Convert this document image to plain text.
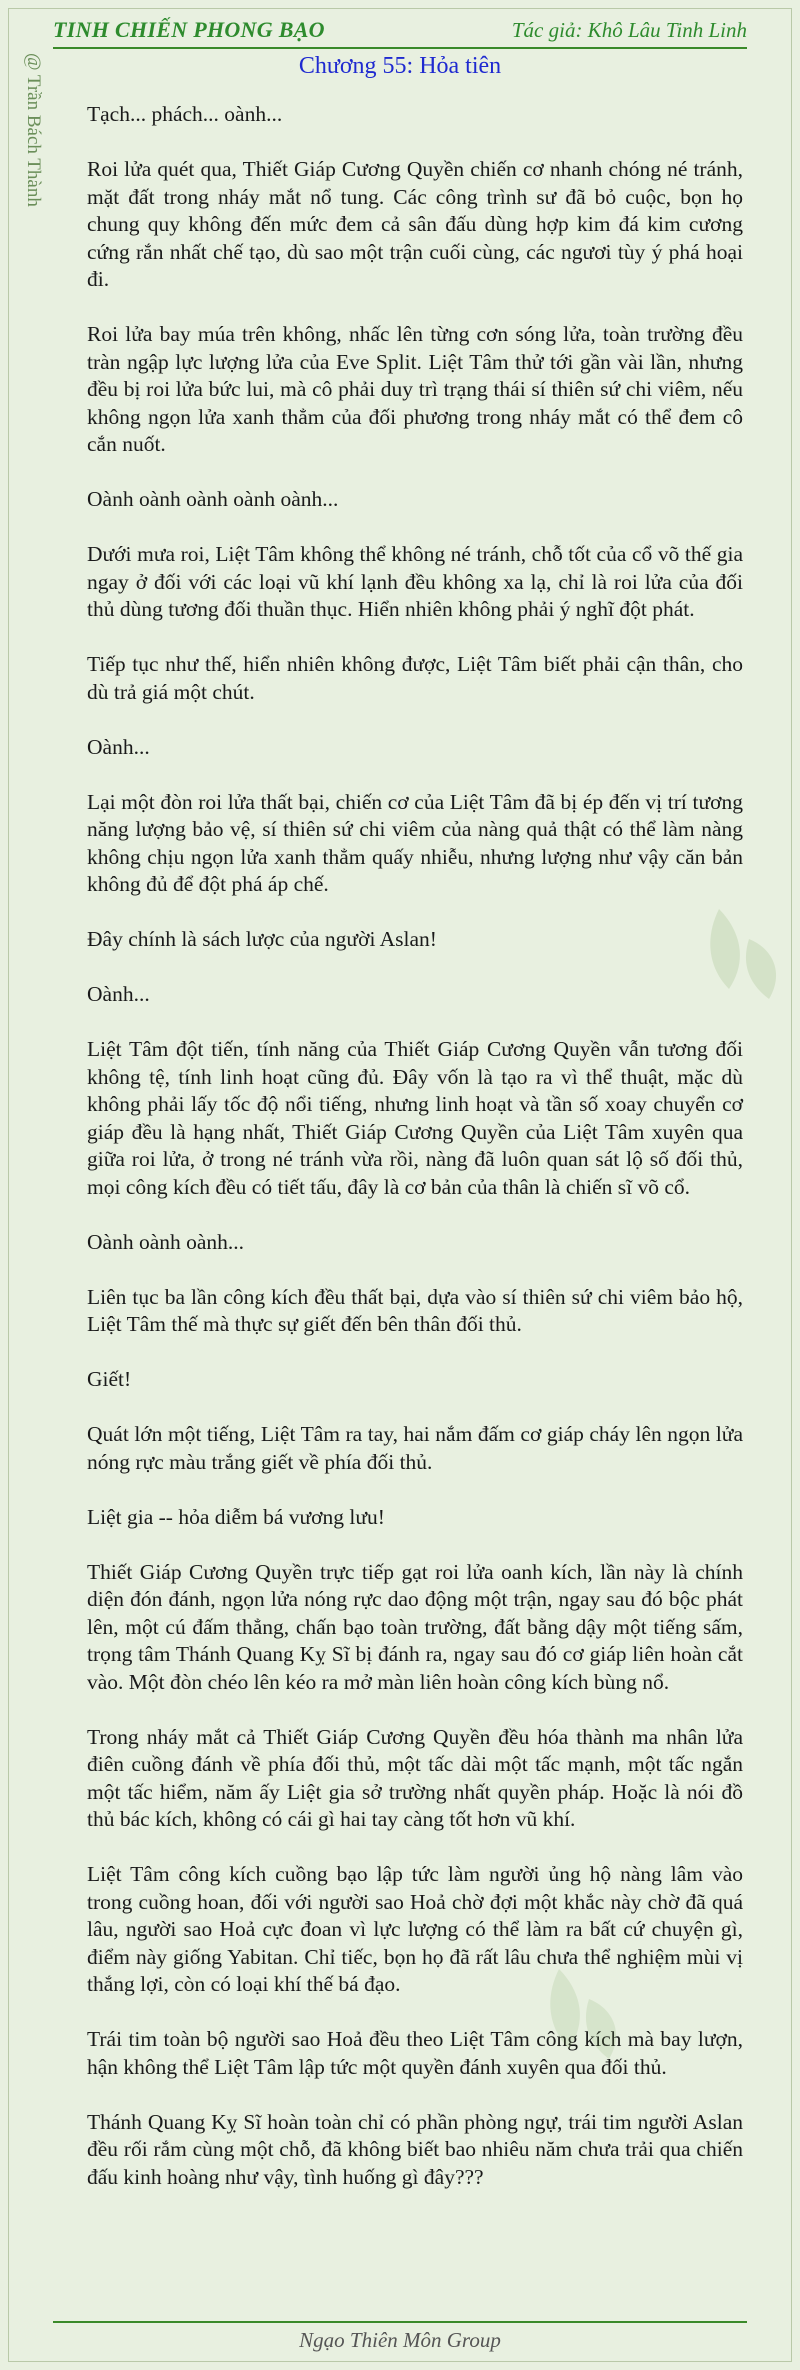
TINH CHIẾN PHONG BẠO	Tác giả: Khô Lâu Tinh Linh
@ Trần Bách Thành	Chương 55: Hỏa tiên

Tạch... phách... oành...

Roi lửa quét qua, Thiết Giáp Cương Quyền chiến cơ nhanh chóng né tránh, mặt đất trong nháy mắt nổ tung. Các công trình sư đã bỏ cuộc, bọn họ chung quy không đến mức đem cả sân đấu dùng hợp kim đá kim cương cứng rắn nhất chế tạo, dù sao một trận cuối cùng, các ngươi tùy ý phá hoại đi.

Roi lửa bay múa trên không, nhấc lên từng cơn sóng lửa, toàn trường đều tràn ngập lực lượng lửa của Eve Split. Liệt Tâm thử tới gần vài lần, nhưng đều bị roi lửa bức lui, mà cô phải duy trì trạng thái sí thiên sứ chi viêm, nếu không ngọn lửa xanh thẳm của đối phương trong nháy mắt có thể đem cô cắn nuốt.

Oành oành oành oành oành...

Dưới mưa roi, Liệt Tâm không thể không né tránh, chỗ tốt của cổ võ thế gia ngay ở đối với các loại vũ khí lạnh đều không xa lạ, chỉ là roi lửa của đối thủ dùng tương đối thuần thục. Hiển nhiên không phải ý nghĩ đột phát.

Tiếp tục như thế, hiển nhiên không được, Liệt Tâm biết phải cận thân, cho dù trả giá một chút.

Oành...

Lại một đòn roi lửa thất bại, chiến cơ của Liệt Tâm đã bị ép đến vị trí tương năng lượng bảo vệ, sí thiên sứ chi viêm của nàng quả thật có thể làm nàng không chịu ngọn lửa xanh thẳm quấy nhiễu, nhưng lượng như vậy căn bản không đủ để đột phá áp chế.

Đây chính là sách lược của người Aslan!

Oành...

Liệt Tâm đột tiến, tính năng của Thiết Giáp Cương Quyền vẫn tương đối không tệ, tính linh hoạt cũng đủ. Đây vốn là tạo ra vì thể thuật, mặc dù không phải lấy tốc độ nổi tiếng, nhưng linh hoạt và tần số xoay chuyển cơ giáp đều là hạng nhất, Thiết Giáp Cương Quyền của Liệt Tâm xuyên qua giữa roi lửa, ở trong né tránh vừa rồi, nàng đã luôn quan sát lộ số đối thủ, mọi công kích đều có tiết tấu, đây là cơ bản của thân là chiến sĩ võ cổ.

Oành oành oành...

Liên tục ba lần công kích đều thất bại, dựa vào sí thiên sứ chi viêm bảo hộ, Liệt Tâm thế mà thực sự giết đến bên thân đối thủ.

Giết!

Quát lớn một tiếng, Liệt Tâm ra tay, hai nắm đấm cơ giáp cháy lên ngọn lửa nóng rực màu trắng giết về phía đối thủ.

Liệt gia -- hỏa diễm bá vương lưu!

Thiết Giáp Cương Quyền trực tiếp gạt roi lửa oanh kích, lần này là chính diện đón đánh, ngọn lửa nóng rực dao động một trận, ngay sau đó bộc phát lên, một cú đấm thẳng, chấn bạo toàn trường, đất bằng dậy một tiếng sấm, trọng tâm Thánh Quang Kỵ Sĩ bị đánh ra, ngay sau đó cơ giáp liên hoàn cắt vào. Một đòn chéo lên kéo ra mở màn liên hoàn công kích bùng nổ.

Trong nháy mắt cả Thiết Giáp Cương Quyền đều hóa thành ma nhân lửa điên cuồng đánh về phía đối thủ, một tấc dài một tấc mạnh, một tấc ngắn một tấc hiểm, năm ấy Liệt gia sở trường nhất quyền pháp. Hoặc là nói đồ thủ bác kích, không có cái gì hai tay càng tốt hơn vũ khí.

Liệt Tâm công kích cuồng bạo lập tức làm người ủng hộ nàng lâm vào trong cuồng hoan, đối với người sao Hoả chờ đợi một khắc này chờ đã quá lâu, người sao Hoả cực đoan vì lực lượng có thể làm ra bất cứ chuyện gì, điểm này giống Yabitan. Chỉ tiếc, bọn họ đã rất lâu chưa thể nghiệm mùi vị thắng lợi, còn có loại khí thế bá đạo.

Trái tim toàn bộ người sao Hoả đều theo Liệt Tâm công kích mà bay lượn, hận không thể Liệt Tâm lập tức một quyền đánh xuyên qua đối thủ.

Thánh Quang Kỵ Sĩ hoàn toàn chỉ có phần phòng ngự, trái tim người Aslan đều rối rắm cùng một chỗ, đã không biết bao nhiêu năm chưa trải qua chiến đấu kinh hoàng như vậy, tình huống gì đây???

Ngạo Thiên Môn Group
